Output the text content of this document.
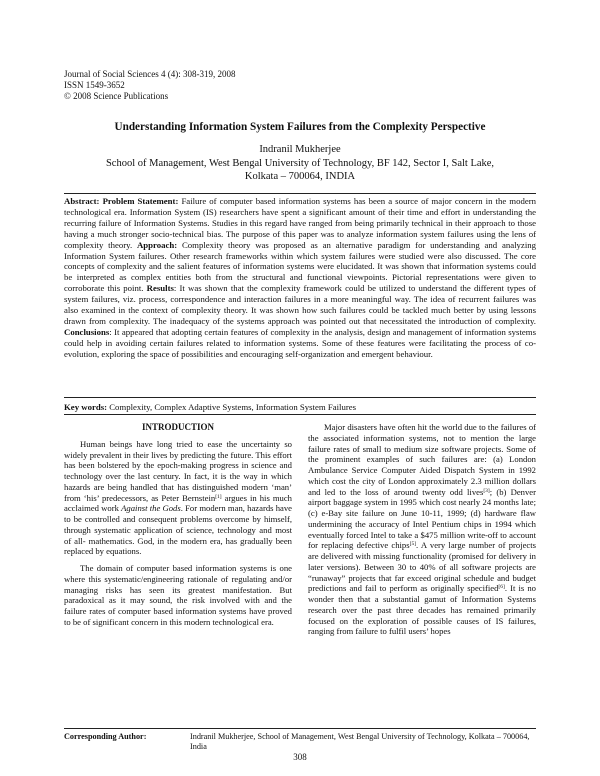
Journal of Social Sciences 4 (4): 308-319, 2008
ISSN 1549-3652
© 2008 Science Publications
Understanding Information System Failures from the Complexity Perspective
Indranil Mukherjee
School of Management, West Bengal University of Technology, BF 142, Sector I, Salt Lake,
Kolkata – 700064, INDIA

Abstract: Problem Statement: Failure of computer based information systems has been a source of major concern in the modern technological era. Information System (IS) researchers have spent a significant amount of their time and effort in understanding the recurring failure of Information Systems. Studies in this regard have ranged from being primarily technical in their approach to those having a much stronger socio-technical bias. The purpose of this paper was to analyze information system failures using the lens of complexity theory. Approach: Complexity theory was proposed as an alternative paradigm for understanding and analyzing Information System failures. Other research frameworks within which system failures were studied were also discussed. The core concepts of complexity and the salient features of information systems were elucidated. It was shown that information systems could be interpreted as complex entities both from the structural and functional viewpoints. Pictorial representations were given to corroborate this point. Results: It was shown that the complexity framework could be utilized to understand the different types of system failures, viz. process, correspondence and interaction failures in a more meaningful way. The idea of recurrent failures was also examined in the context of complexity theory. It was shown how such failures could be tackled much better by using lessons drawn from complexity. The inadequacy of the systems approach was pointed out that necessitated the introduction of complexity. Conclusions: It appeared that adopting certain features of complexity in the analysis, design and management of information systems could help in avoiding certain failures related to information systems. Some of these features were facilitating the process of co-evolution, exploring the space of possibilities and encouraging self-organization and emergent behaviour.

Key words: Complexity, Complex Adaptive Systems, Information System Failures

INTRODUCTION

Human beings have long tried to ease the uncertainty so widely prevalent in their lives by predicting the future. This effort has been bolstered by the epoch-making progress in science and technology over the last century. In fact, it is the way in which hazards are being handled that has distinguished modern ‘man’ from ‘his’ predecessors, as Peter Bernstein[1] argues in his much acclaimed work Against the Gods. For modern man, hazards have to be controlled and consequent problems overcome by himself, through systematic application of science, technology and most of all- mathematics. God, in the modern era, has gradually been replaced by equations.

The domain of computer based information systems is one where this systematic/engineering rationale of regulating and/or managing risks has seen its greatest manifestation. But paradoxical as it may sound, the risk involved with and the failure rates of computer based information systems have proved to be of significant concern in this modern technological era.

Major disasters have often hit the world due to the failures of the associated information systems, not to mention the large failure rates of small to medium size software projects. Some of the prominent examples of such failures are: (a) London Ambulance Service Computer Aided Dispatch System in 1992 which cost the city of London approximately 2.3 million dollars and led to the loss of around twenty odd lives[3]; (b) Denver airport baggage system in 1995 which cost nearly 24 months late; (c) e-Bay site failure on June 10-11, 1999; (d) hardware flaw undermining the accuracy of Intel Pentium chips in 1994 which eventually forced Intel to take a $475 million write-off to account for replacing defective chips[5]. A very large number of projects are delivered with missing functionality (promised for delivery in later versions). Between 30 to 40% of all software projects are “runaway” projects that far exceed original schedule and budget predictions and fail to perform as originally specified[6]. It is no wonder then that a substantial gamut of Information Systems research over the past three decades has remained primarily focused on the exploration of possible causes of IS failures, ranging from failure to fulfil users’ hopes

Corresponding Author:	Indranil Mukherjee, School of Management, West Bengal University of Technology, Kolkata – 700064, India
308
